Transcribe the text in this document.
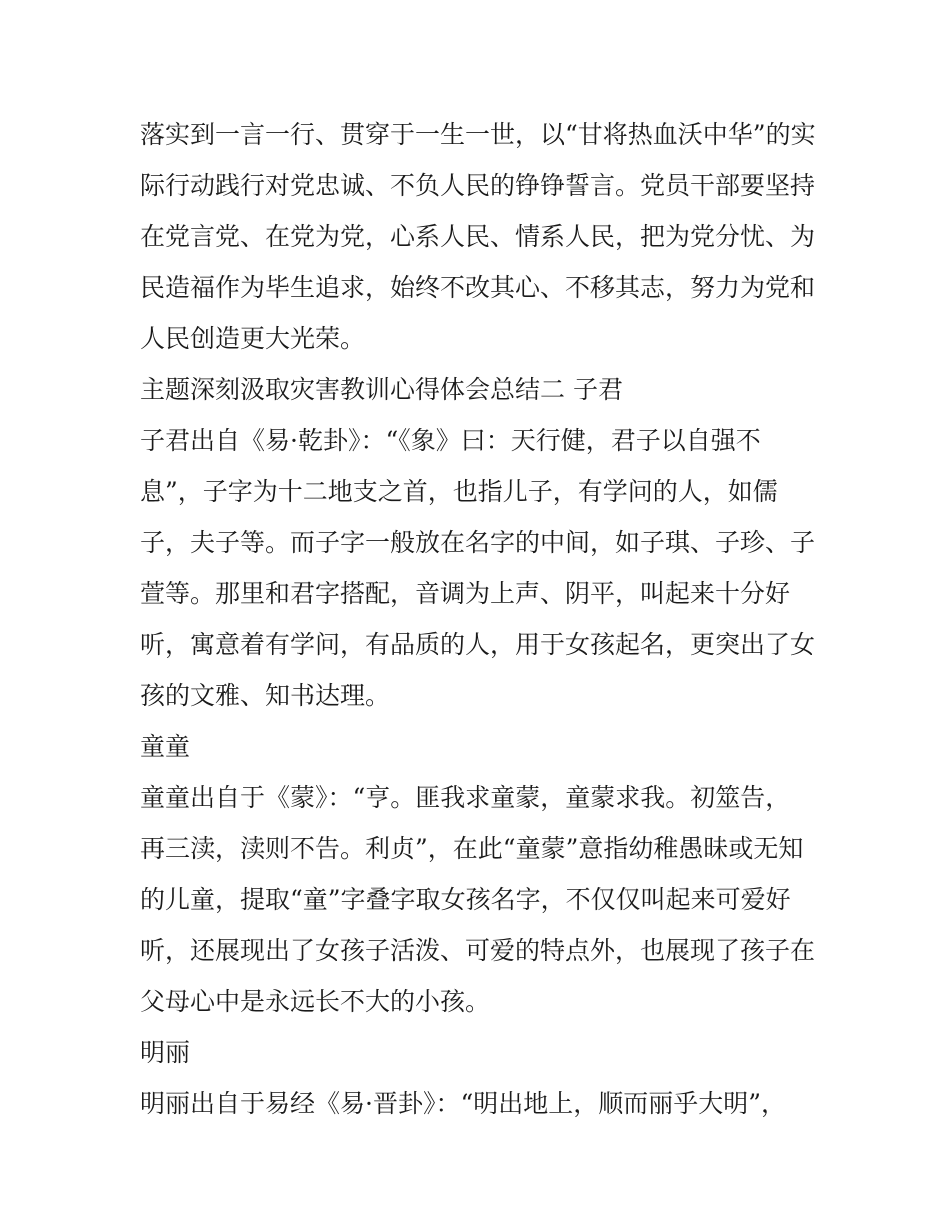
落实到一言一行、贯穿于一生一世，以“甘将热血沃中华”的实
际行动践行对党忠诚、不负人民的铮铮誓言。党员干部要坚持
在党言党、在党为党，心系人民、情系人民，把为党分忧、为
民造福作为毕生追求，始终不改其心、不移其志，努力为党和
人民创造更大光荣。
主题深刻汲取灾害教训心得体会总结二 子君
子君出自《易·乾卦》：“《象》曰：天行健，君子以自强不
息”，子字为十二地支之首，也指儿子，有学问的人，如儒
子，夫子等。而子字一般放在名字的中间，如子琪、子珍、子
萱等。那里和君字搭配，音调为上声、阴平，叫起来十分好
听，寓意着有学问，有品质的人，用于女孩起名，更突出了女
孩的文雅、知书达理。
童童
童童出自于《蒙》：“亨。匪我求童蒙，童蒙求我。初筮告，
再三渎，渎则不告。利贞”，在此“童蒙”意指幼稚愚昧或无知
的儿童，提取“童”字叠字取女孩名字，不仅仅叫起来可爱好
听，还展现出了女孩子活泼、可爱的特点外，也展现了孩子在
父母心中是永远长不大的小孩。
明丽
明丽出自于易经《易·晋卦》：“明出地上，顺而丽乎大明”，
